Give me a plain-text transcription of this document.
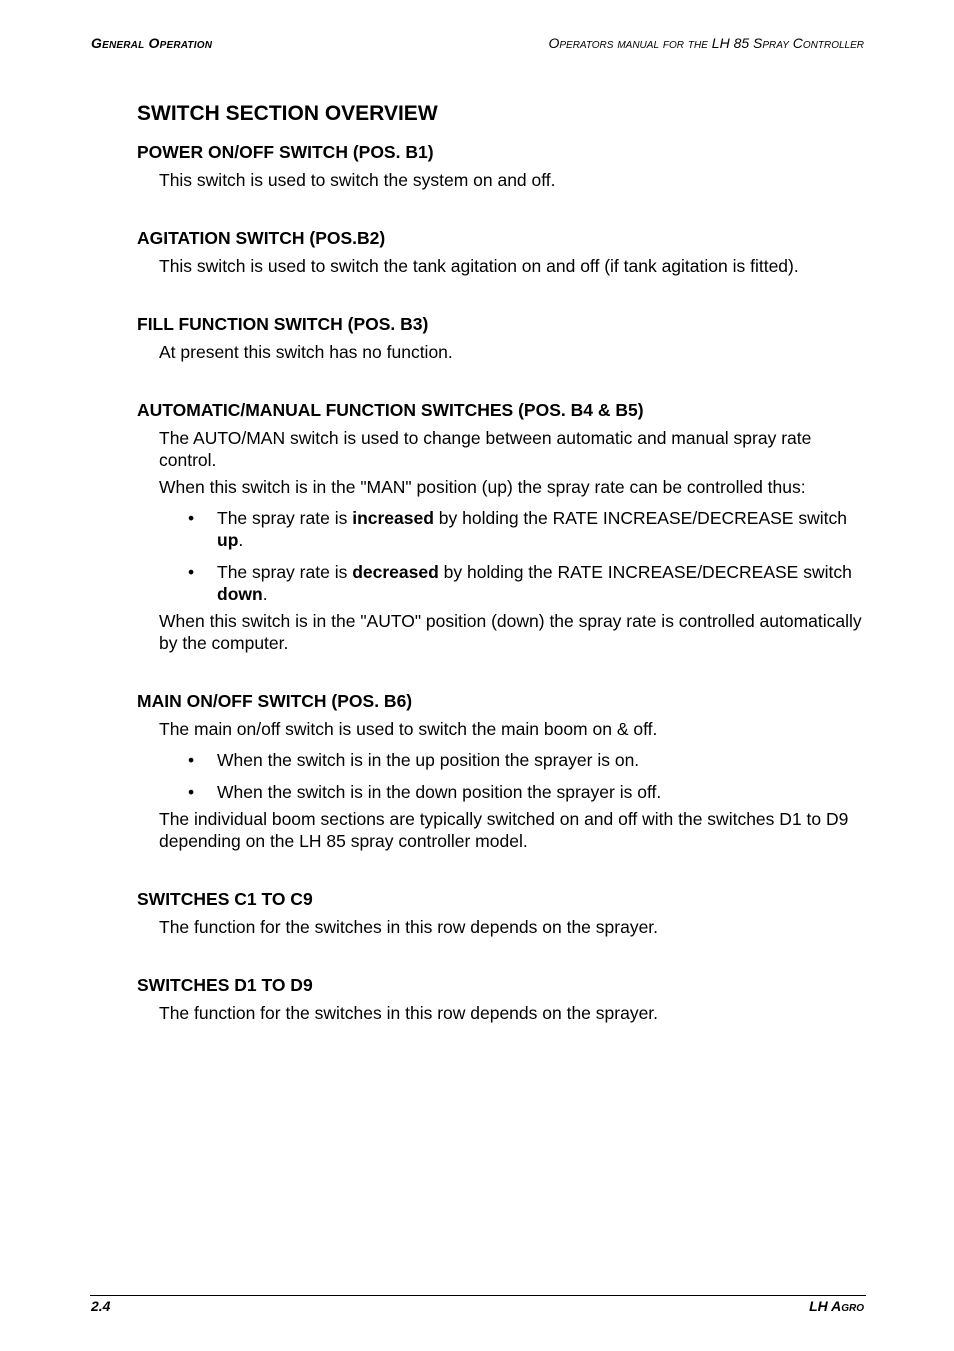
General Operation	Operators manual for the LH 85 Spray Controller
SWITCH SECTION OVERVIEW
POWER ON/OFF SWITCH (POS. B1)

This switch is used to switch the system on and off.

AGITATION SWITCH (POS.B2)

This switch is used to switch the tank agitation on and off (if tank agitation is fitted).

FILL FUNCTION SWITCH (POS. B3)

At present this switch has no function.

AUTOMATIC/MANUAL FUNCTION SWITCHES (POS. B4 & B5)

The AUTO/MAN switch is used to change between automatic and manual spray rate control.

When this switch is in the "MAN" position (up) the spray rate can be controlled thus:

• The spray rate is increased by holding the RATE INCREASE/DECREASE switch up.
• The spray rate is decreased by holding the RATE INCREASE/DECREASE switch down.

When this switch is in the "AUTO" position (down) the spray rate is controlled automatically by the computer.

MAIN ON/OFF SWITCH (POS. B6)

The main on/off switch is used to switch the main boom on & off.

• When the switch is in the up position the sprayer is on.
• When the switch is in the down position the sprayer is off.

The individual boom sections are typically switched on and off with the switches D1 to D9 depending on the LH 85 spray controller model.

SWITCHES C1 TO C9

The function for the switches in this row depends on the sprayer.

SWITCHES D1 TO D9

The function for the switches in this row depends on the sprayer.

2.4	LH Agro
